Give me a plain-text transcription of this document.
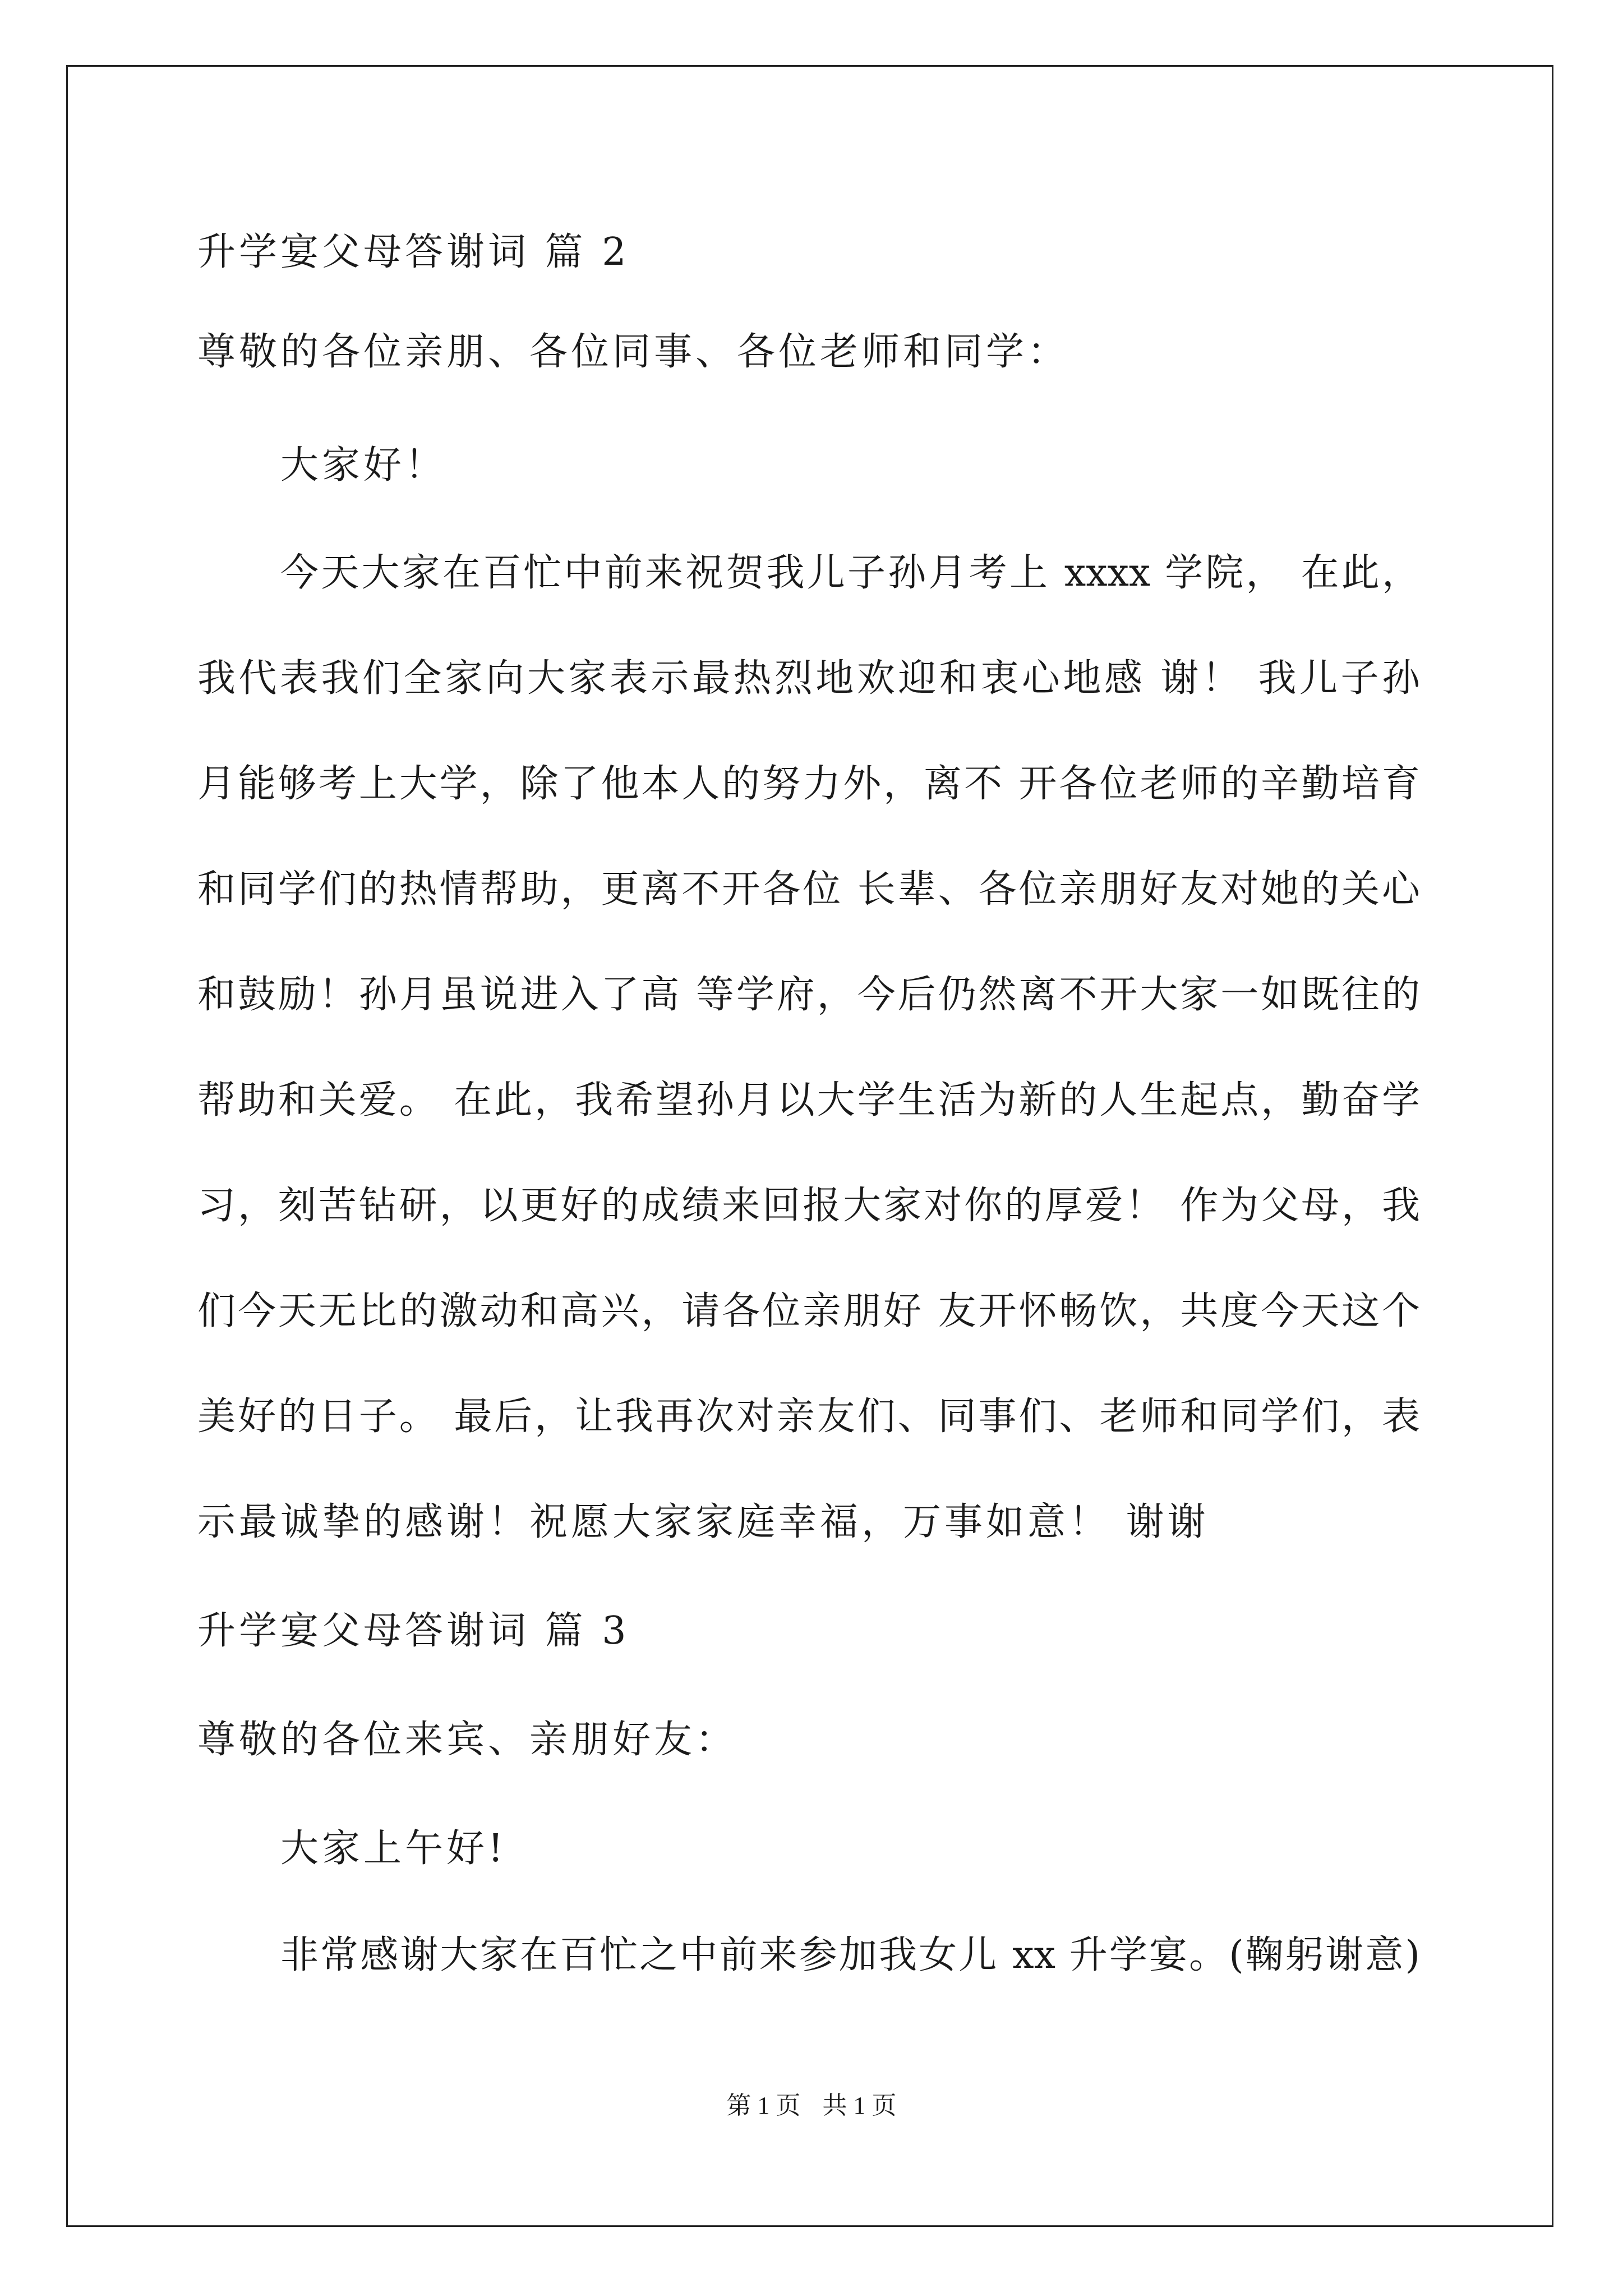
升学宴父母答谢词 篇 2
尊敬的各位亲朋、各位同事、各位老师和同学：
大家好！
今天大家在百忙中前来祝贺我儿子孙月考上 xxxx 学院， 在此，
我代表我们全家向大家表示最热烈地欢迎和衷心地感 谢！ 我儿子孙
月能够考上大学，除了他本人的努力外，离不 开各位老师的辛勤培育
和同学们的热情帮助，更离不开各位 长辈、各位亲朋好友对她的关心
和鼓励！孙月虽说进入了高 等学府，今后仍然离不开大家一如既往的
帮助和关爱。 在此，我希望孙月以大学生活为新的人生起点，勤奋学
习，刻苦钻研，以更好的成绩来回报大家对你的厚爱！ 作为父母，我
们今天无比的激动和高兴，请各位亲朋好 友开怀畅饮，共度今天这个
美好的日子。 最后，让我再次对亲友们、同事们、老师和同学们，表
示最诚挚的感谢！祝愿大家家庭幸福，万事如意！ 谢谢
升学宴父母答谢词 篇 3
尊敬的各位来宾、亲朋好友：
大家上午好!
非常感谢大家在百忙之中前来参加我女儿 xx 升学宴。(鞠躬谢意)
第 1 页 共 1 页
